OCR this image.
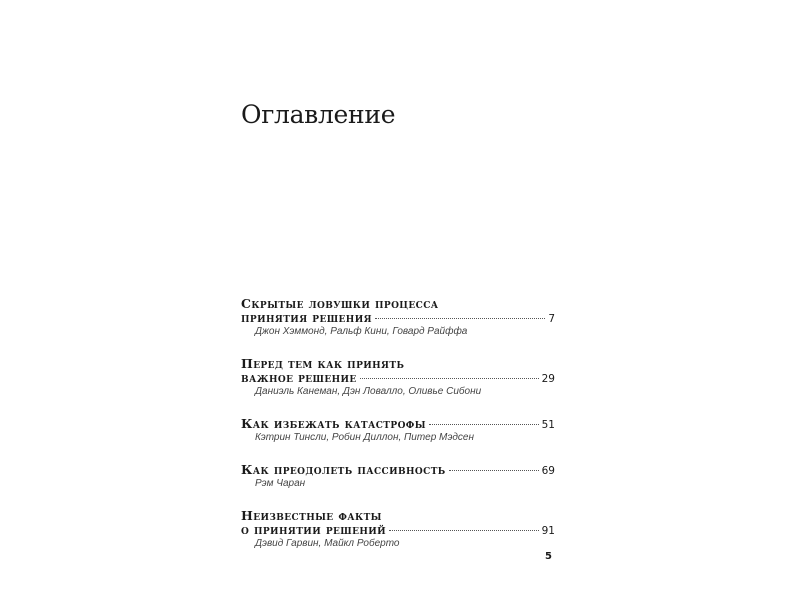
Оглавление
Скрытые ловушки процесса
принятия решения	7
Джон Хэммонд, Ральф Кини, Говард Райффа
Перед тем как принять
важное решение	29
Даниэль Канеман, Дэн Ловалло, Оливье Сибони
Как избежать катастрофы	51
Кэтрин Тинсли, Робин Диллон, Питер Мэдсен
Как преодолеть пассивность	69
Рэм Чаран
Неизвестные факты
о принятии решений	91
Дэвид Гарвин, Майкл Роберто
5
